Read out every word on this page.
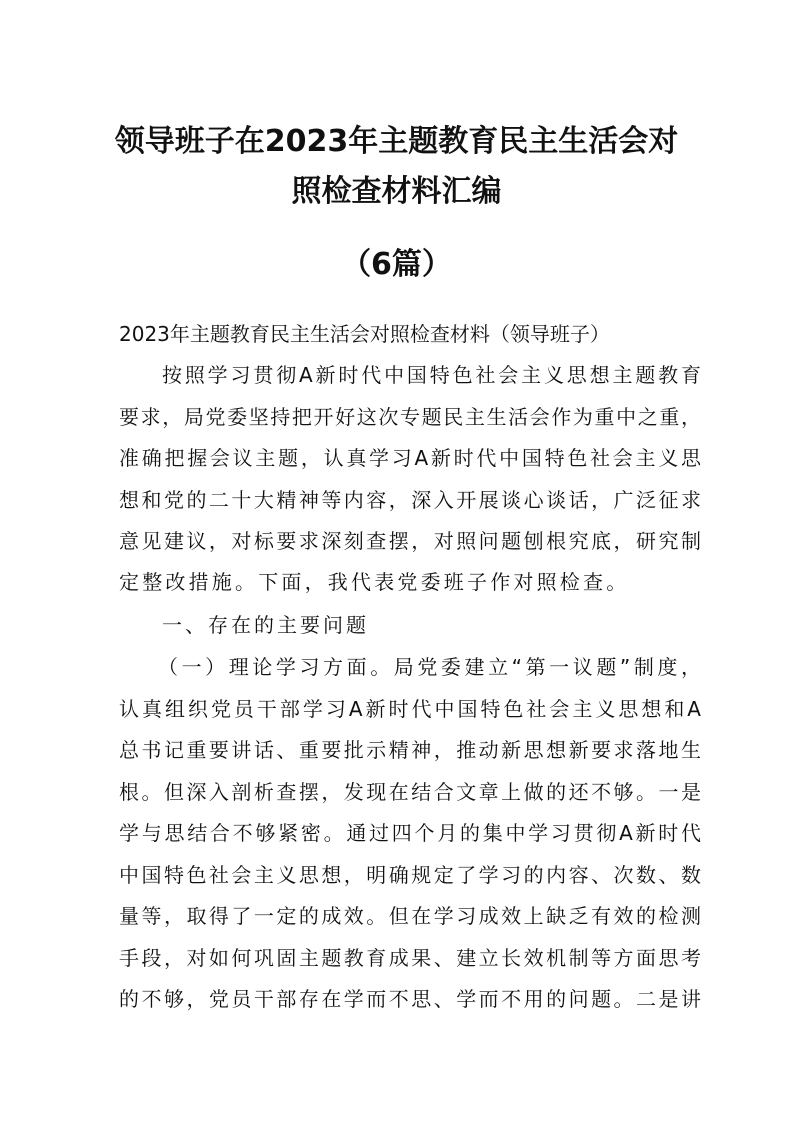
领导班子在2023年主题教育民主生活会对
照检查材料汇编
（6篇）
2023年主题教育民主生活会对照检查材料（领导班子）
按照学习贯彻A新时代中国特色社会主义思想主题教育
要求，局党委坚持把开好这次专题民主生活会作为重中之重，
准确把握会议主题，认真学习A新时代中国特色社会主义思
想和党的二十大精神等内容，深入开展谈心谈话，广泛征求
意见建议，对标要求深刻查摆，对照问题刨根究底，研究制
定整改措施。下面，我代表党委班子作对照检查。
一、存在的主要问题
（一）理论学习方面。局党委建立“第一议题”制度，
认真组织党员干部学习A新时代中国特色社会主义思想和A
总书记重要讲话、重要批示精神，推动新思想新要求落地生
根。但深入剖析查摆，发现在结合文章上做的还不够。一是
学与思结合不够紧密。通过四个月的集中学习贯彻A新时代
中国特色社会主义思想，明确规定了学习的内容、次数、数
量等，取得了一定的成效。但在学习成效上缺乏有效的检测
手段，对如何巩固主题教育成果、建立长效机制等方面思考
的不够，党员干部存在学而不思、学而不用的问题。二是讲
